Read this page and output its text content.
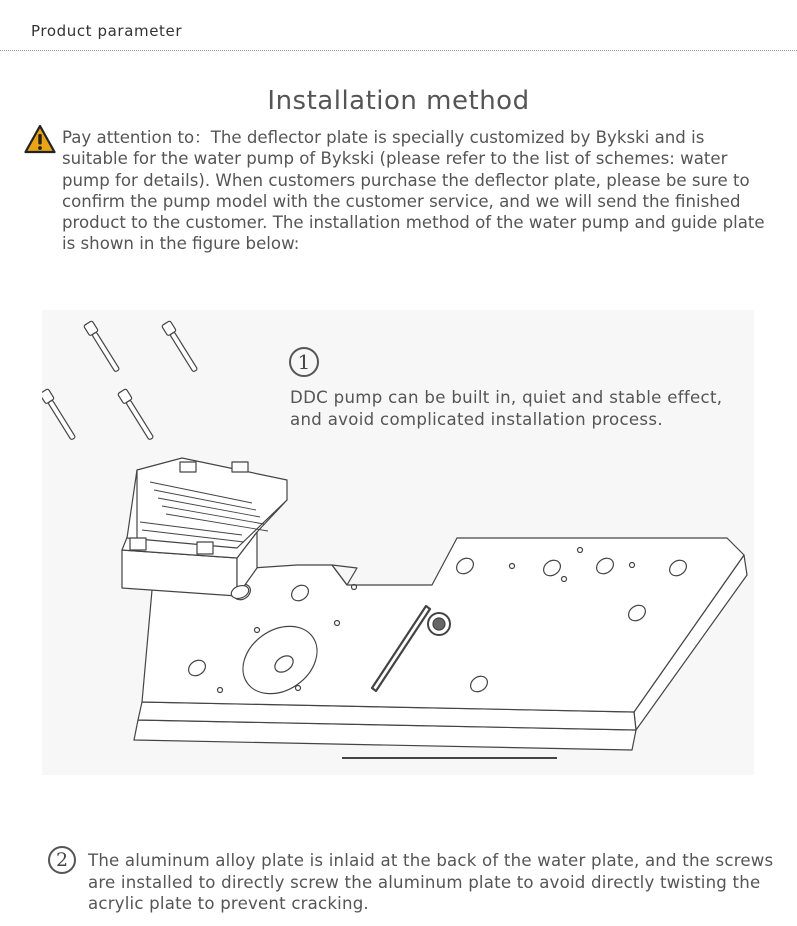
Product parameter
Installation method
Pay attention to：The deflector plate is specially customized by Bykski and is suitable for the water pump of Bykski (please refer to the list of schemes: water pump for details). When customers purchase the deflector plate, please be sure to confirm the pump model with the customer service, and we will send the finished product to the customer. The installation method of the water pump and guide plate is shown in the figure below:
1
DDC pump can be built in, quiet and stable effect, and avoid complicated installation process.
2	The aluminum alloy plate is inlaid at the back of the water plate, and the screws are installed to directly screw the aluminum plate to avoid directly twisting the acrylic plate to prevent cracking.
